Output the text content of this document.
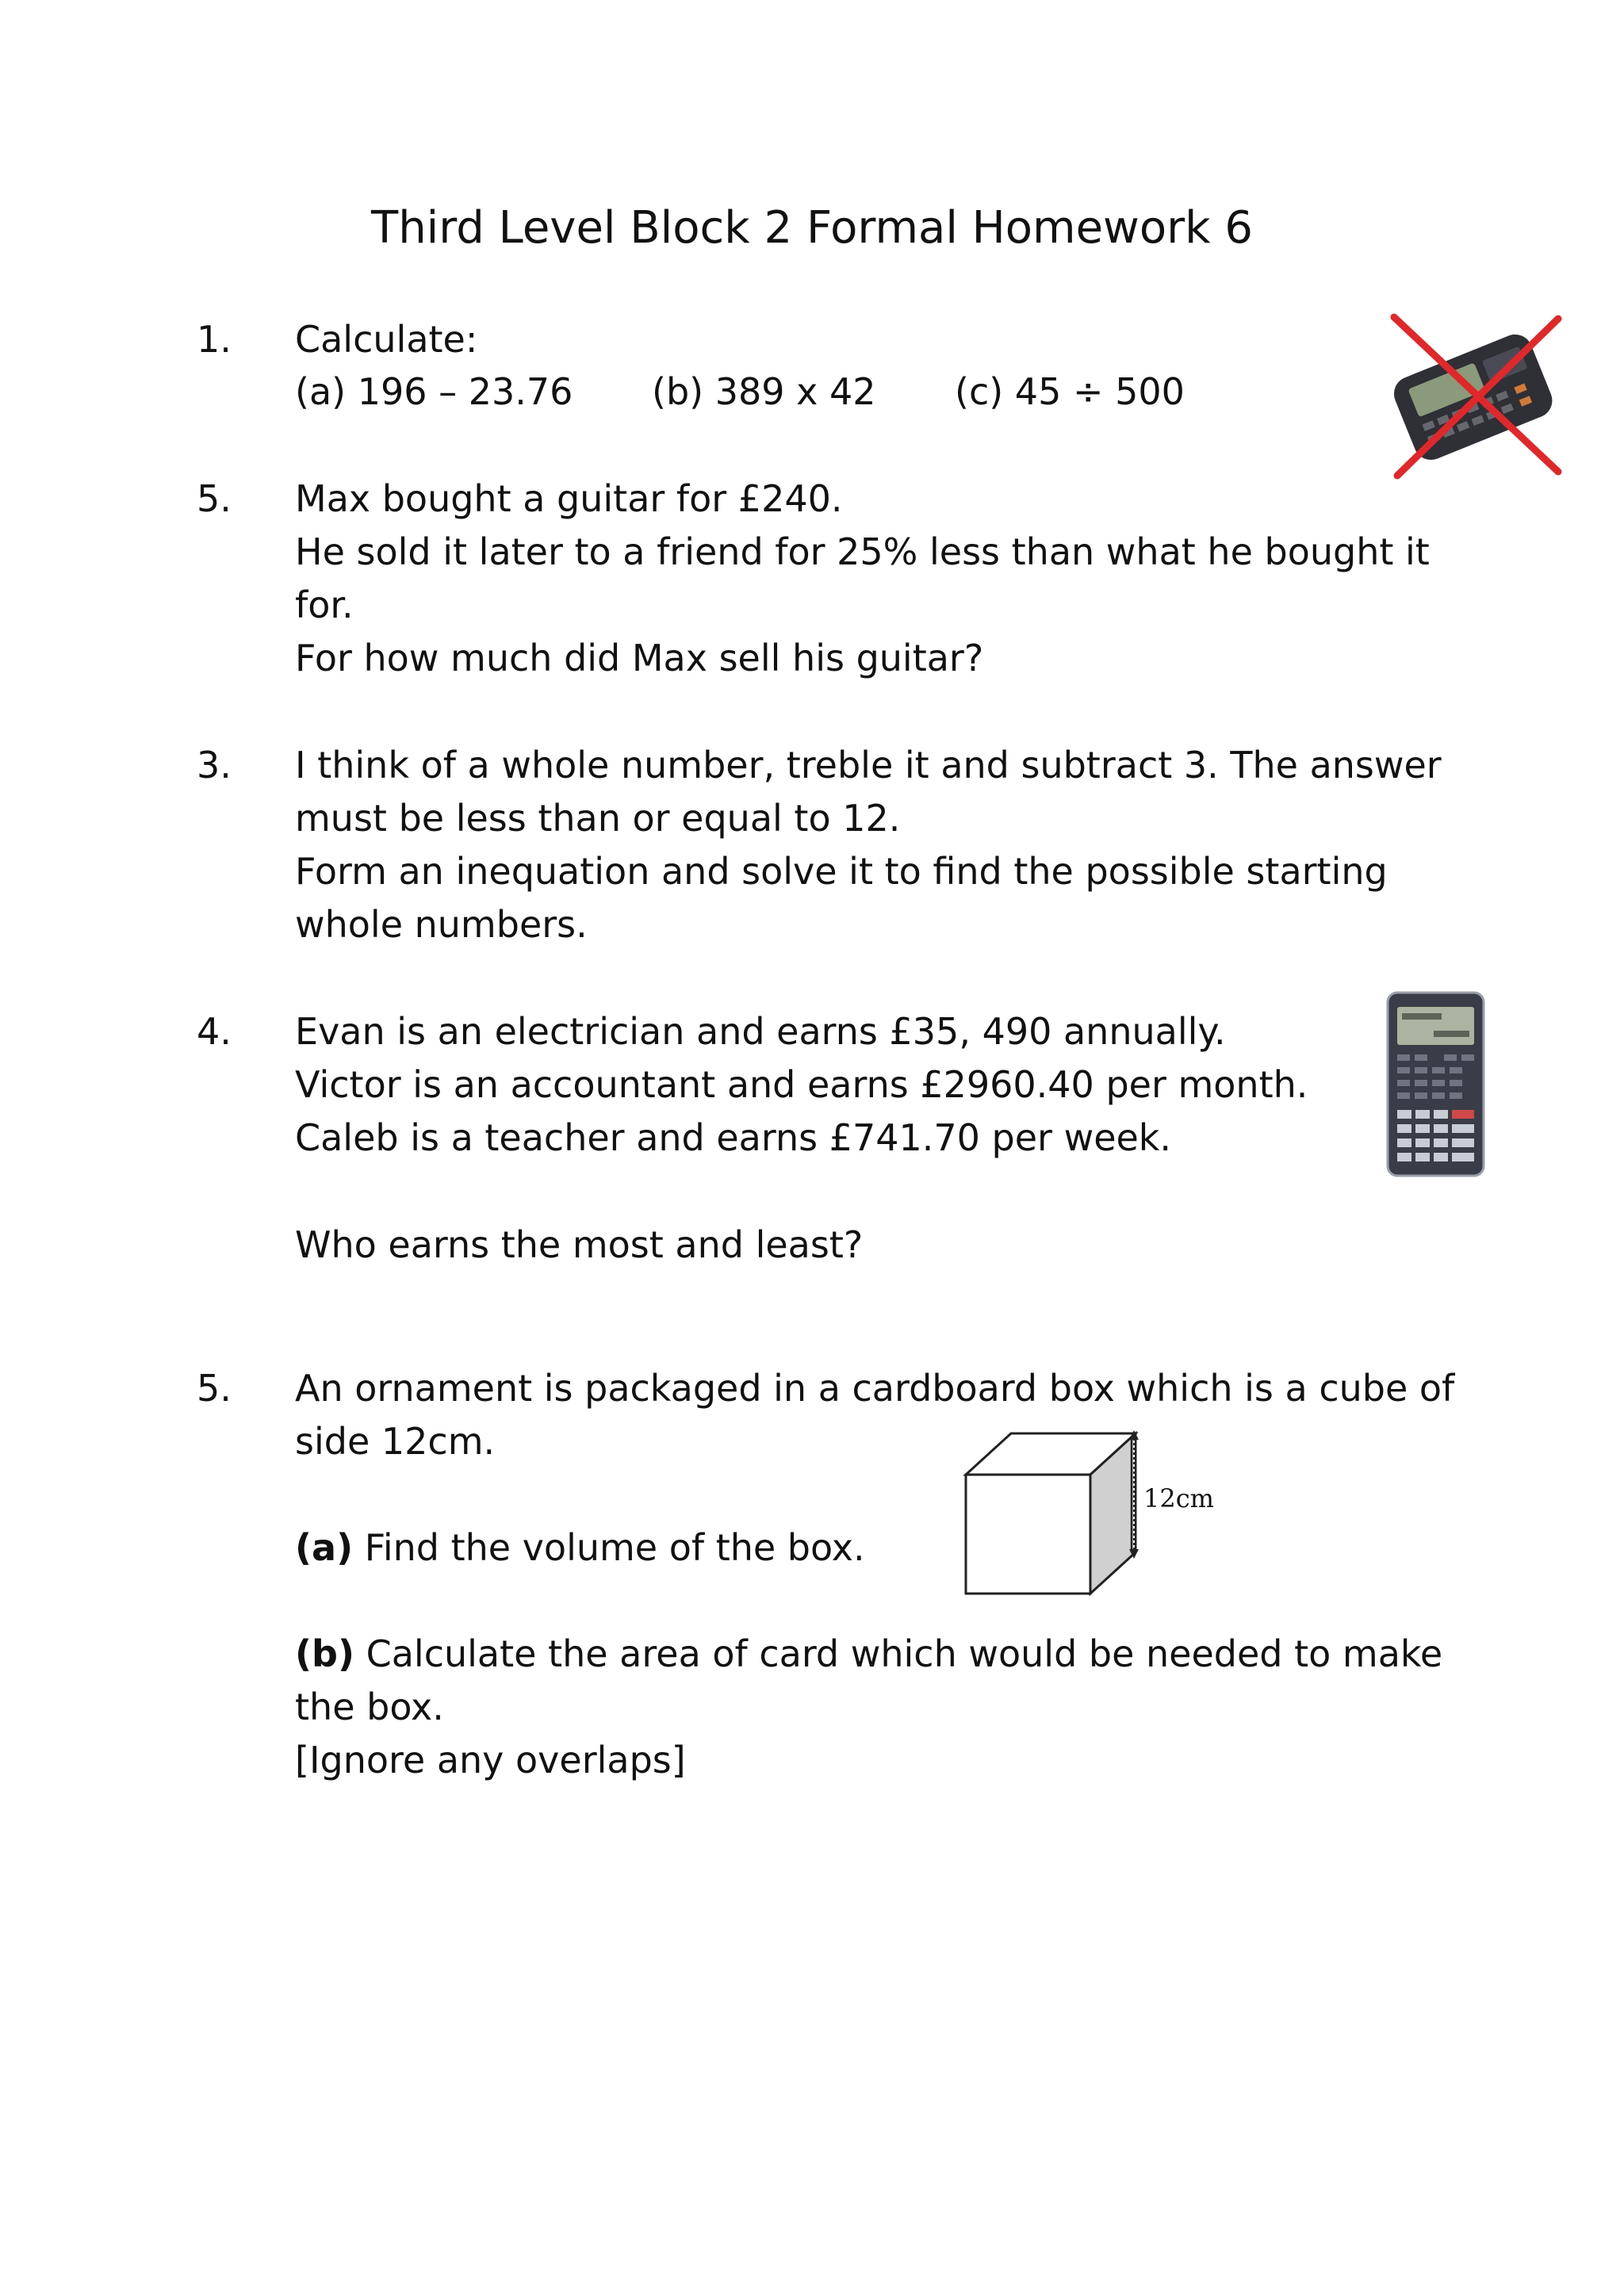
Third Level Block 2 Formal Homework 6
1. Calculate:
(a) 196 – 23.76 (b) 389 x 42 (c) 45 ÷ 500
5. Max bought a guitar for £240.
He sold it later to a friend for 25% less than what he bought it
for.
For how much did Max sell his guitar?
3. I think of a whole number, treble it and subtract 3. The answer
must be less than or equal to 12.
Form an inequation and solve it to find the possible starting
whole numbers.
4. Evan is an electrician and earns £35, 490 annually.
Victor is an accountant and earns £2960.40 per month.
Caleb is a teacher and earns £741.70 per week.
Who earns the most and least?
5. An ornament is packaged in a cardboard box which is a cube of
side 12cm.
(a) Find the volume of the box.
(b) Calculate the area of card which would be needed to make
the box.
[Ignore any overlaps]
12cm
